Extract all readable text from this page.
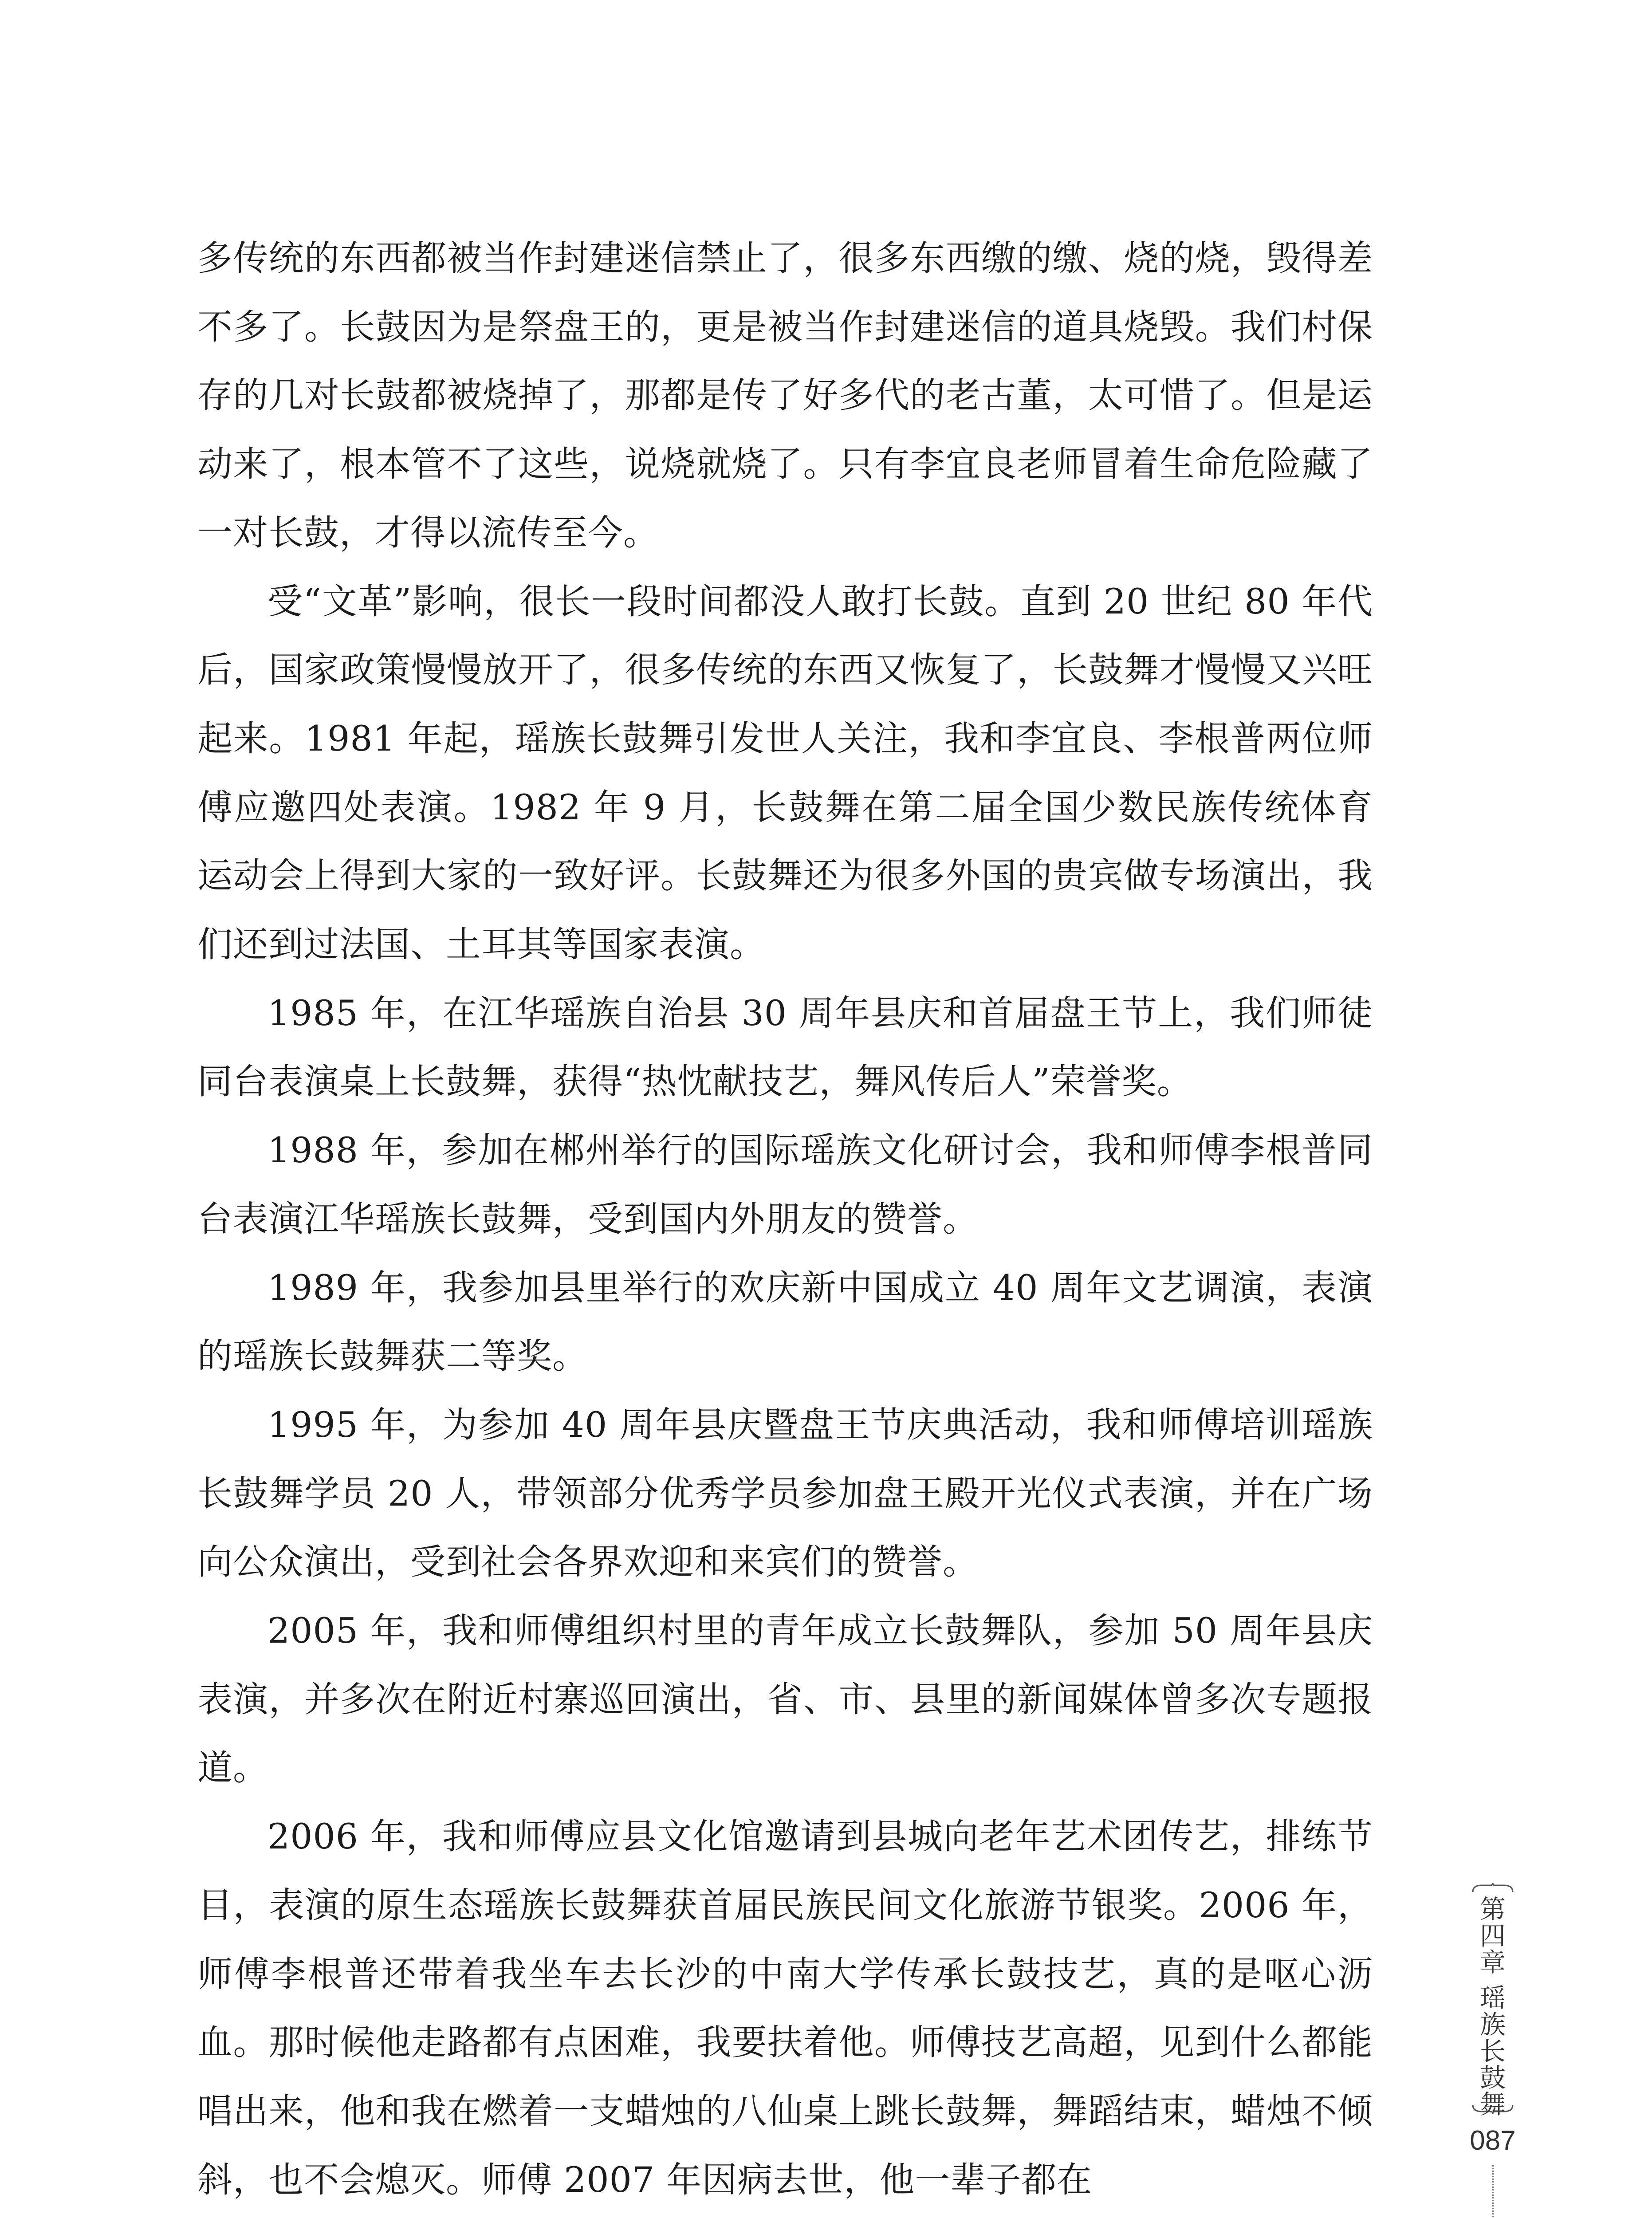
多传统的东西都被当作封建迷信禁止了，很多东西缴的缴、烧的烧，毁得差不多了。长鼓因为是祭盘王的，更是被当作封建迷信的道具烧毁。我们村保存的几对长鼓都被烧掉了，那都是传了好多代的老古董，太可惜了。但是运动来了，根本管不了这些，说烧就烧了。只有李宜良老师冒着生命危险藏了一对长鼓，才得以流传至今。

受“文革”影响，很长一段时间都没人敢打长鼓。直到 20 世纪 80 年代后，国家政策慢慢放开了，很多传统的东西又恢复了，长鼓舞才慢慢又兴旺起来。1981 年起，瑶族长鼓舞引发世人关注，我和李宜良、李根普两位师傅应邀四处表演。1982 年 9 月，长鼓舞在第二届全国少数民族传统体育运动会上得到大家的一致好评。长鼓舞还为很多外国的贵宾做专场演出，我们还到过法国、土耳其等国家表演。

1985 年，在江华瑶族自治县 30 周年县庆和首届盘王节上，我们师徒同台表演桌上长鼓舞，获得“热忱献技艺，舞风传后人”荣誉奖。

1988 年，参加在郴州举行的国际瑶族文化研讨会，我和师傅李根普同台表演江华瑶族长鼓舞，受到国内外朋友的赞誉。

1989 年，我参加县里举行的欢庆新中国成立 40 周年文艺调演，表演的瑶族长鼓舞获二等奖。

1995 年，为参加 40 周年县庆暨盘王节庆典活动，我和师傅培训瑶族长鼓舞学员 20 人，带领部分优秀学员参加盘王殿开光仪式表演，并在广场向公众演出，受到社会各界欢迎和来宾们的赞誉。

2005 年，我和师傅组织村里的青年成立长鼓舞队，参加 50 周年县庆表演，并多次在附近村寨巡回演出，省、市、县里的新闻媒体曾多次专题报道。

2006 年，我和师傅应县文化馆邀请到县城向老年艺术团传艺，排练节目，表演的原生态瑶族长鼓舞获首届民族民间文化旅游节银奖。2006 年，师傅李根普还带着我坐车去长沙的中南大学传承长鼓技艺，真的是呕心沥血。那时候他走路都有点困难，我要扶着他。师傅技艺高超，见到什么都能唱出来，他和我在燃着一支蜡烛的八仙桌上跳长鼓舞，舞蹈结束，蜡烛不倾斜，也不会熄灭。师傅 2007 年因病去世，他一辈子都在

第
四
章
瑶
族
长
鼓
舞
087
